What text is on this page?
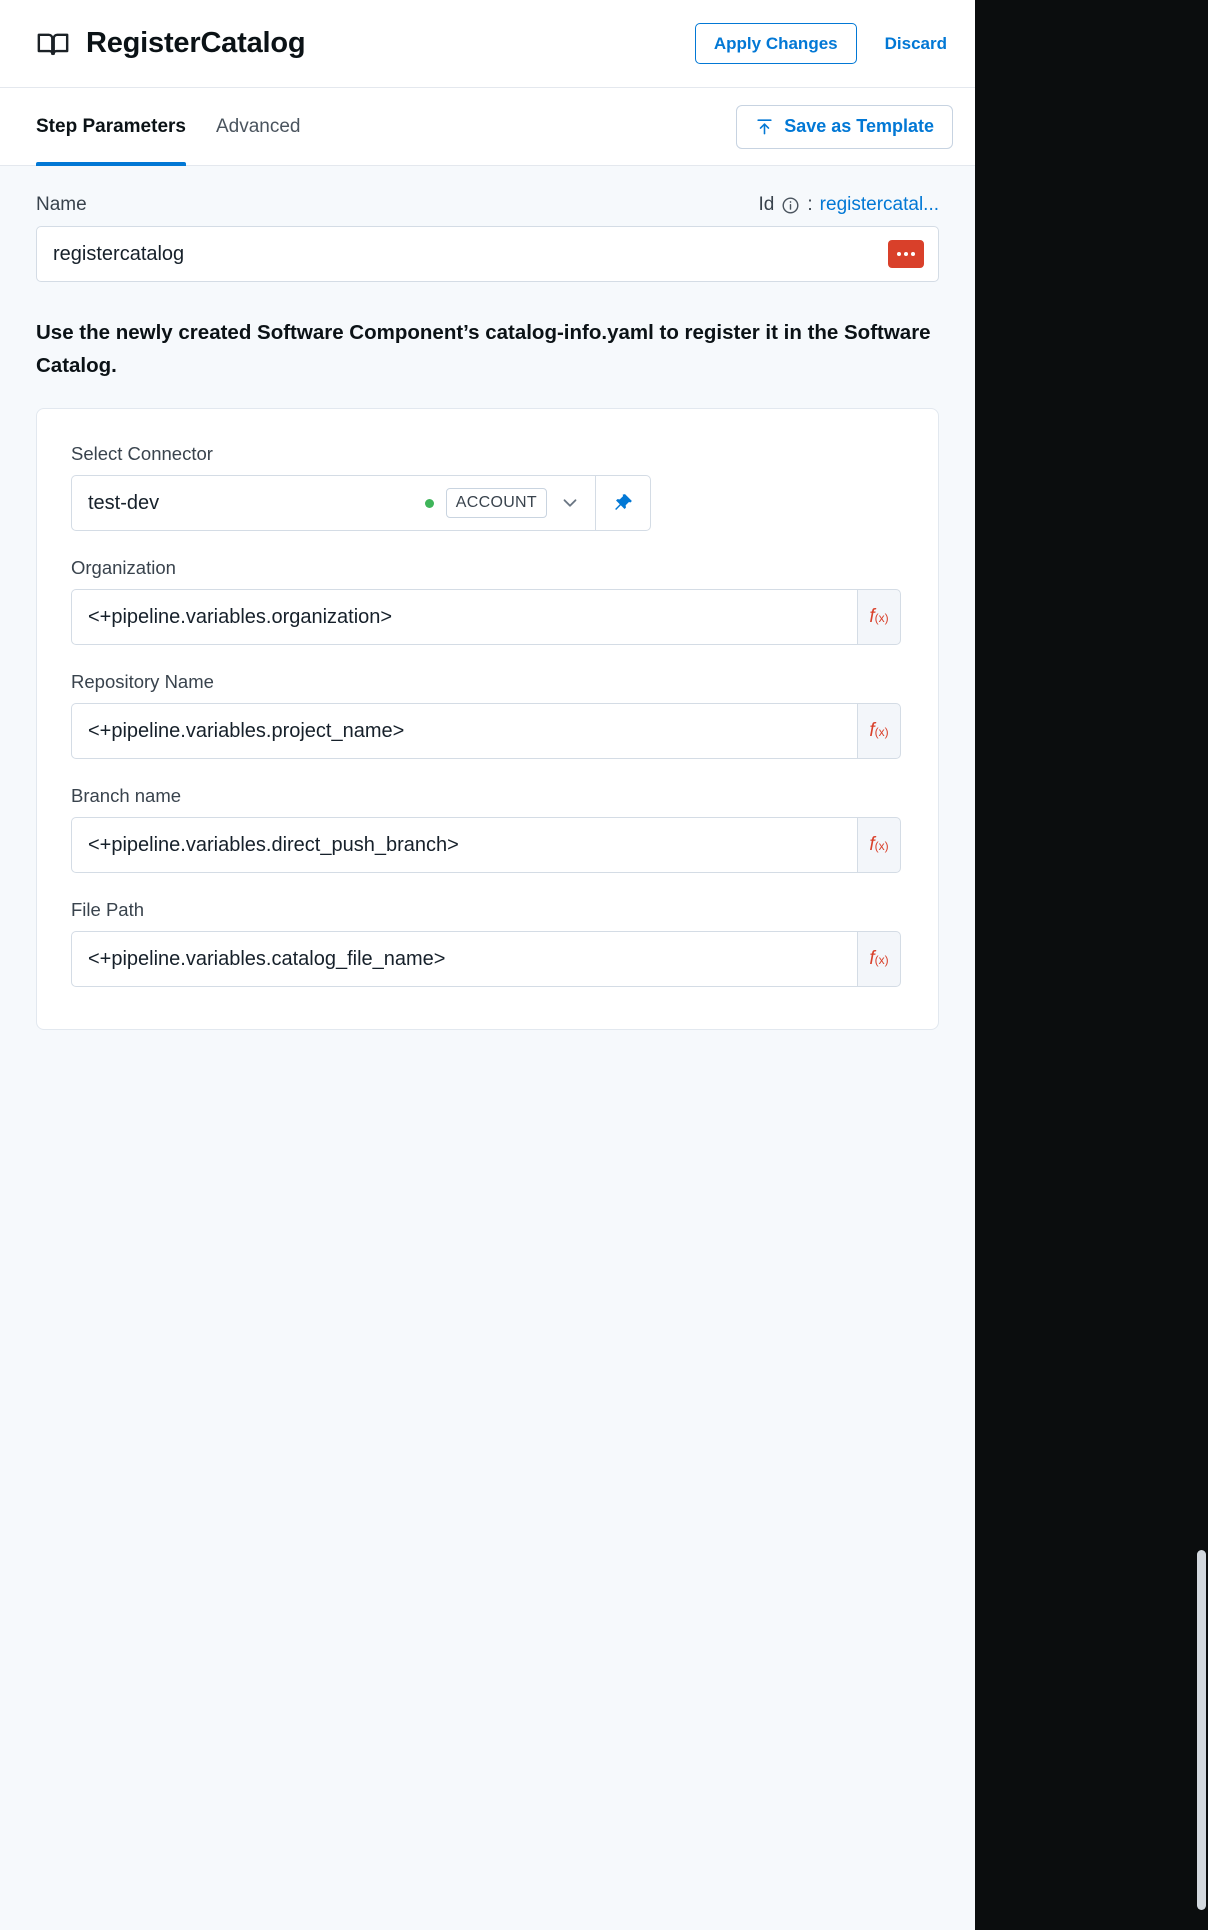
RegisterCatalog	Apply Changes	Discard
Step Parameters Advanced	Save as Template
Name	Id : registercatal...
registercatalog

Use the newly created Software Component’s catalog-info.yaml to register it in the Software Catalog.

Select Connector
test-dev	ACCOUNT
Organization
<+pipeline.variables.organization>
f (x)
Repository Name
<+pipeline.variables.project_name>
f (x)
Branch name
<+pipeline.variables.direct_push_branch>
f (x)
File Path
<+pipeline.variables.catalog_file_name>
f (x)
